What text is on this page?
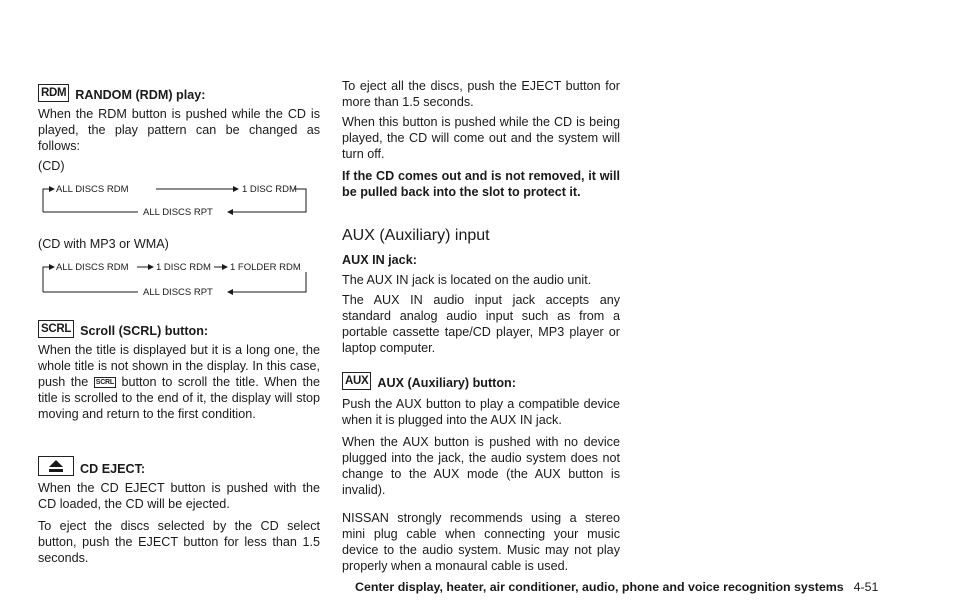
RDM RANDOM (RDM) play:

When the RDM button is pushed while the CD is played, the play pattern can be changed as follows:

(CD)

ALL DISCS RDM	1 DISC RDM
ALL DISCS RPT

(CD with MP3 or WMA)

ALL DISCS RDM	1 DISC RDM 1 FOLDER RDM
ALL DISCS RPT
SCRL Scroll (SCRL) button:

When the title is displayed but it is a long one, the whole title is not shown in the display. In this case, push the SCRL button to scroll the title. When the title is scrolled to the end of it, the display will stop moving and return to the first condition.

CD EJECT:

When the CD EJECT button is pushed with the CD loaded, the CD will be ejected.

To eject the discs selected by the CD select button, push the EJECT button for less than 1.5 seconds.

To eject all the discs, push the EJECT button for more than 1.5 seconds.

When this button is pushed while the CD is being played, the CD will come out and the system will turn off.

If the CD comes out and is not removed, it will be pulled back into the slot to protect it.

AUX (Auxiliary) input

AUX IN jack:

The AUX IN jack is located on the audio unit.

The AUX IN audio input jack accepts any standard analog audio input such as from a portable cassette tape/CD player, MP3 player or laptop computer.

AUX AUX (Auxiliary) button:

Push the AUX button to play a compatible device when it is plugged into the AUX IN jack.

When the AUX button is pushed with no device plugged into the jack, the audio system does not change to the AUX mode (the AUX button is invalid).

NISSAN strongly recommends using a stereo mini plug cable when connecting your music device to the audio system. Music may not play properly when a monaural cable is used.

Center display, heater, air conditioner, audio, phone and voice recognition systems 4-51
